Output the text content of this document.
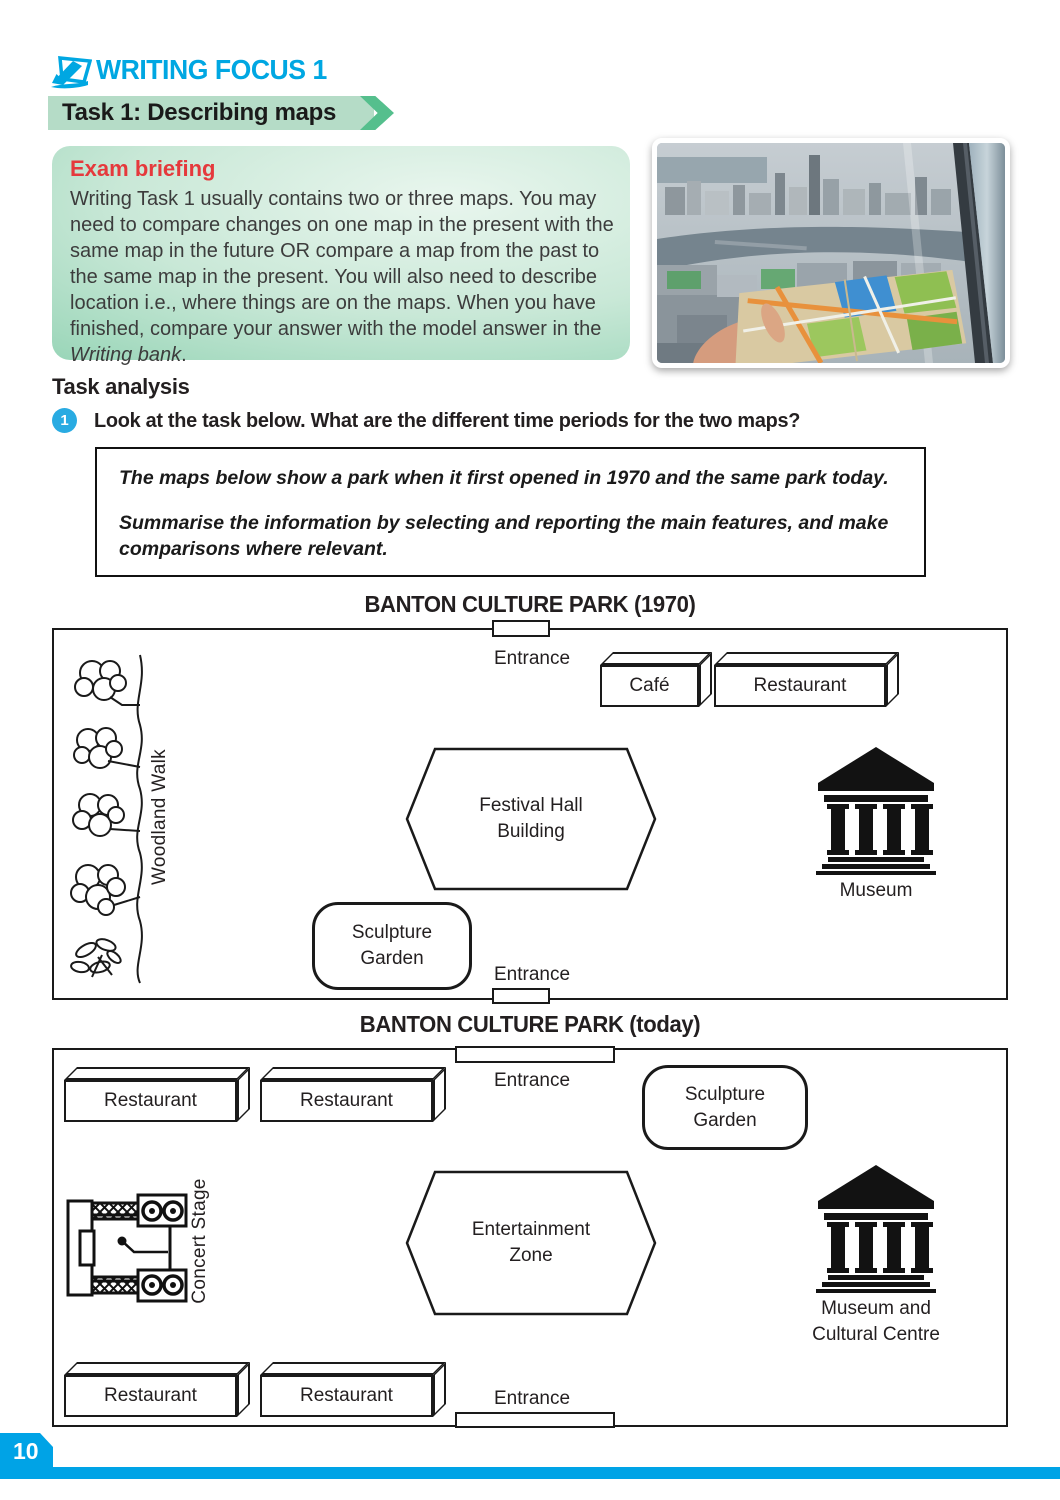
WRITING FOCUS 1
Task 1: Describing maps
Exam briefing
Writing Task 1 usually contains two or three maps. You may need to compare changes on one map in the present with the same map in the future OR compare a map from the past to the same map in the present. You will also need to describe location i.e., where things are on the maps. When you have finished, compare your answer with the model answer in the Writing bank.
Task analysis
1	Look at the task below. What are the different time periods for the two maps?

The maps below show a park when it first opened in 1970 and the same park today.

Summarise the information by selecting and reporting the main features, and make comparisons where relevant.

BANTON CULTURE PARK (1970)
Entrance
Café	Restaurant
Woodland Walk	Festival Hall
Building
Museum
Sculpture
Garden
Entrance
BANTON CULTURE PARK (today)
Restaurant	Restaurant
Entrance
Sculpture
Garden
Concert Stage	Entertainment
Zone
Museum and
Cultural Centre
Restaurant	Restaurant	Entrance
10
